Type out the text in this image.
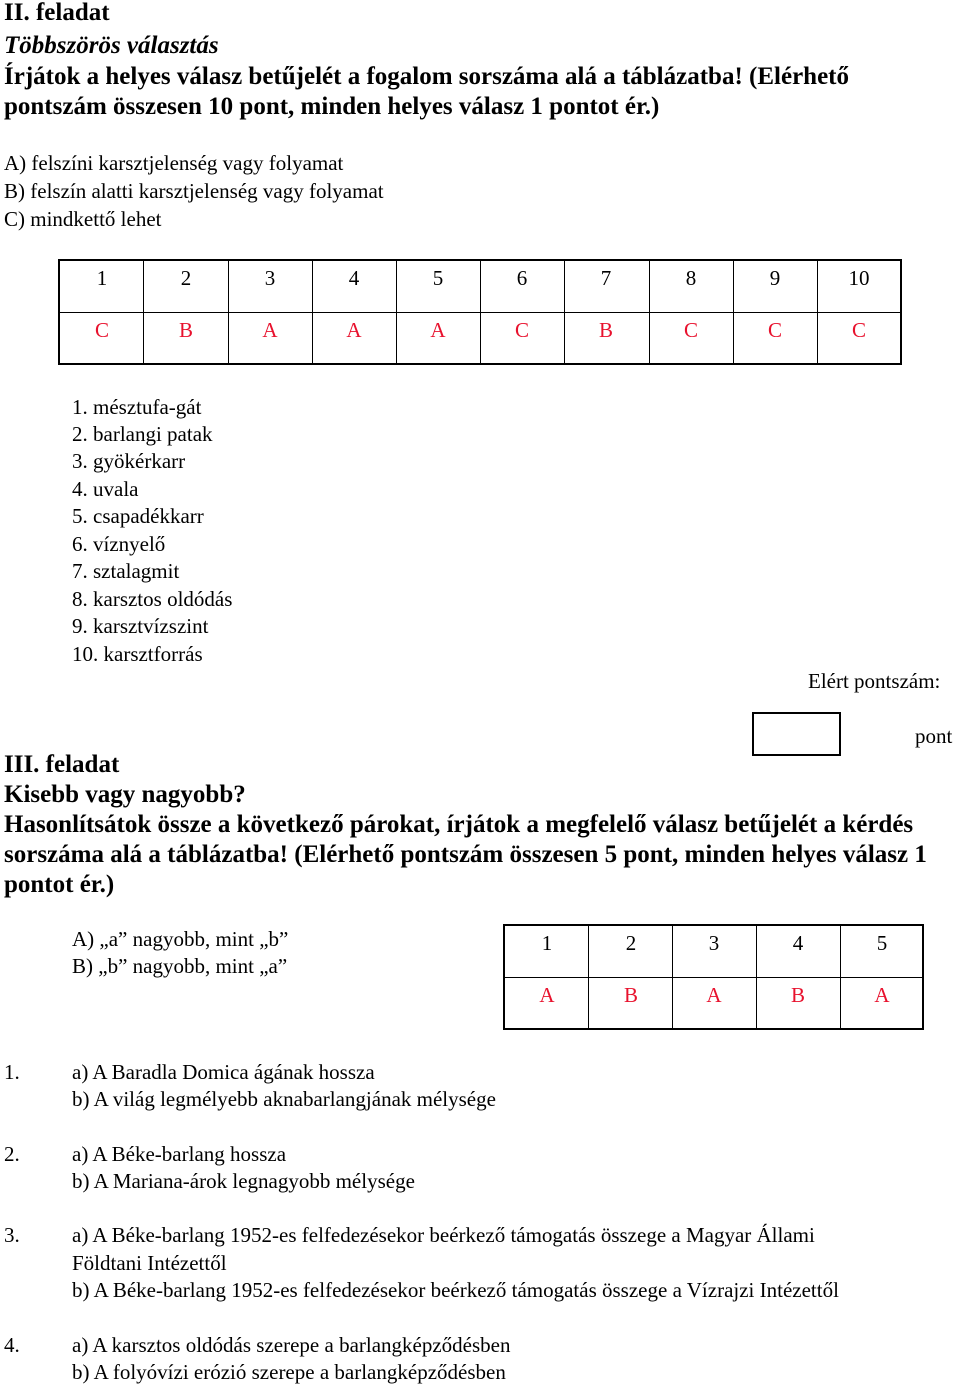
II. feladat
Többszörös választás
Írjátok a helyes válasz betűjelét a fogalom sorszáma alá a táblázatba! (Elérhető
pontszám összesen 10 pont, minden helyes válasz 1 pontot ér.)
A) felszíni karsztjelenség vagy folyamat
B) felszín alatti karsztjelenség vagy folyamat
C) mindkettő lehet
1	2	3	4	5	6	7	8	9	10
C	B	A	A	A	C	B	C	C	C
1. mésztufa-gát
2. barlangi patak
3. gyökérkarr
4. uvala
5. csapadékkarr
6. víznyelő
7. sztalagmit
8. karsztos oldódás
9. karsztvízszint
10. karsztforrás
Elért pontszám:
pont
III. feladat
Kisebb vagy nagyobb?
Hasonlítsátok össze a következő párokat, írjátok a megfelelő válasz betűjelét a kérdés
sorszáma alá a táblázatba! (Elérhető pontszám összesen 5 pont, minden helyes válasz 1
pontot ér.)
A) „a” nagyobb, mint „b”
B) „b” nagyobb, mint „a”
1	2	3	4	5
A	B	A	B	A
1. a) A Baradla Domica ágának hossza
b) A világ legmélyebb aknabarlangjának mélysége
2. a) A Béke-barlang hossza
b) A Mariana-árok legnagyobb mélysége
3. a) A Béke-barlang 1952-es felfedezésekor beérkező támogatás összege a Magyar Állami
Földtani Intézettől
b) A Béke-barlang 1952-es felfedezésekor beérkező támogatás összege a Vízrajzi Intézettől
4. a) A karsztos oldódás szerepe a barlangképződésben
b) A folyóvízi erózió szerepe a barlangképződésben
